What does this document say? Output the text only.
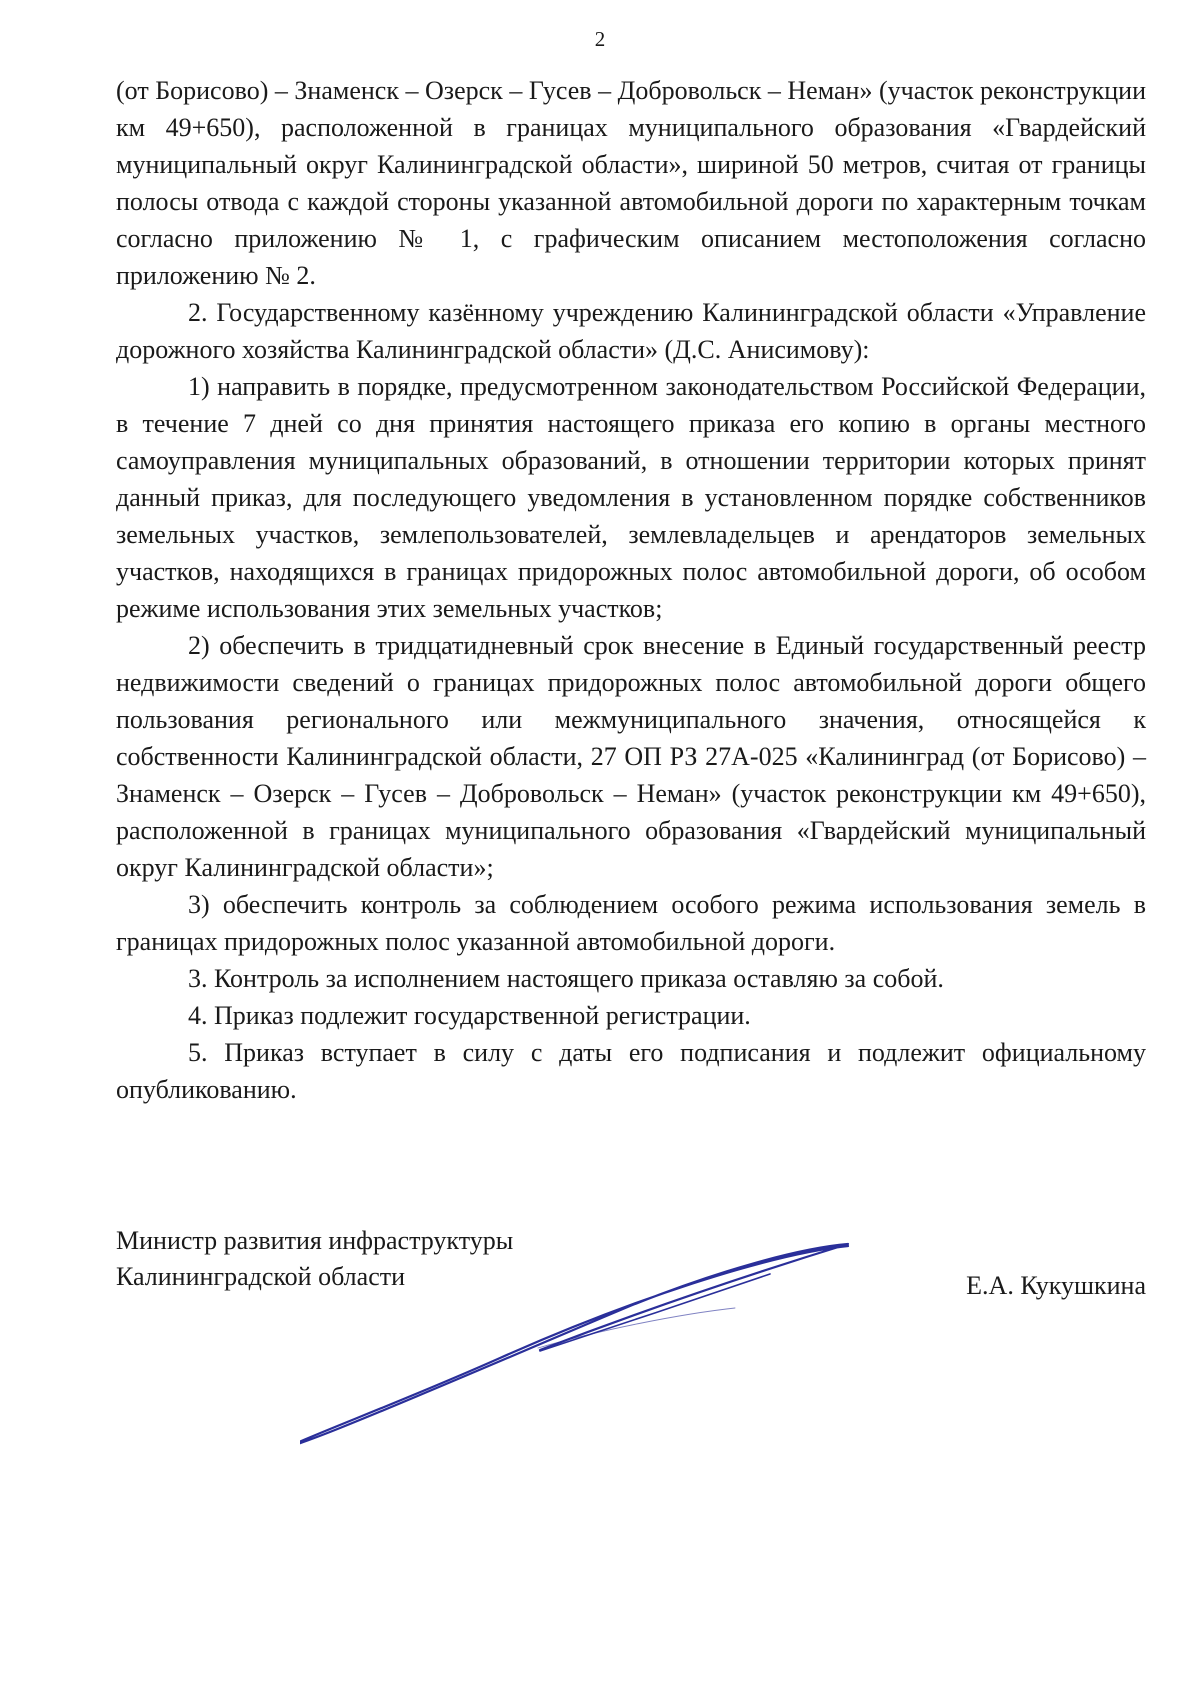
2

(от Борисово) – Знаменск – Озерск – Гусев – Добровольск – Неман» (участок реконструкции км 49+650), расположенной в границах муниципального образования «Гвардейский муниципальный округ Калининградской области», шириной 50 метров, считая от границы полосы отвода с каждой стороны указанной автомобильной дороги по характерным точкам согласно приложению № 1, с графическим описанием местоположения согласно приложению № 2.

2. Государственному казённому учреждению Калининградской области «Управление дорожного хозяйства Калининградской области» (Д.С. Анисимову):

1) направить в порядке, предусмотренном законодательством Российской Федерации, в течение 7 дней со дня принятия настоящего приказа его копию в органы местного самоуправления муниципальных образований, в отношении территории которых принят данный приказ, для последующего уведомления в установленном порядке собственников земельных участков, землепользователей, землевладельцев и арендаторов земельных участков, находящихся в границах придорожных полос автомобильной дороги, об особом режиме использования этих земельных участков;

2) обеспечить в тридцатидневный срок внесение в Единый государственный реестр недвижимости сведений о границах придорожных полос автомобильной дороги общего пользования регионального или межмуниципального значения, относящейся к собственности Калининградской области, 27 ОП РЗ 27А-025 «Калининград (от Борисово) – Знаменск – Озерск – Гусев – Добровольск – Неман» (участок реконструкции км 49+650), расположенной в границах муниципального образования «Гвардейский муниципальный округ Калининградской области»;

3) обеспечить контроль за соблюдением особого режима использования земель в границах придорожных полос указанной автомобильной дороги.

3. Контроль за исполнением настоящего приказа оставляю за собой.

4. Приказ подлежит государственной регистрации.

5. Приказ вступает в силу с даты его подписания и подлежит официальному опубликованию.

Министр развития инфраструктуры
Калининградской области	Е.А. Кукушкина
